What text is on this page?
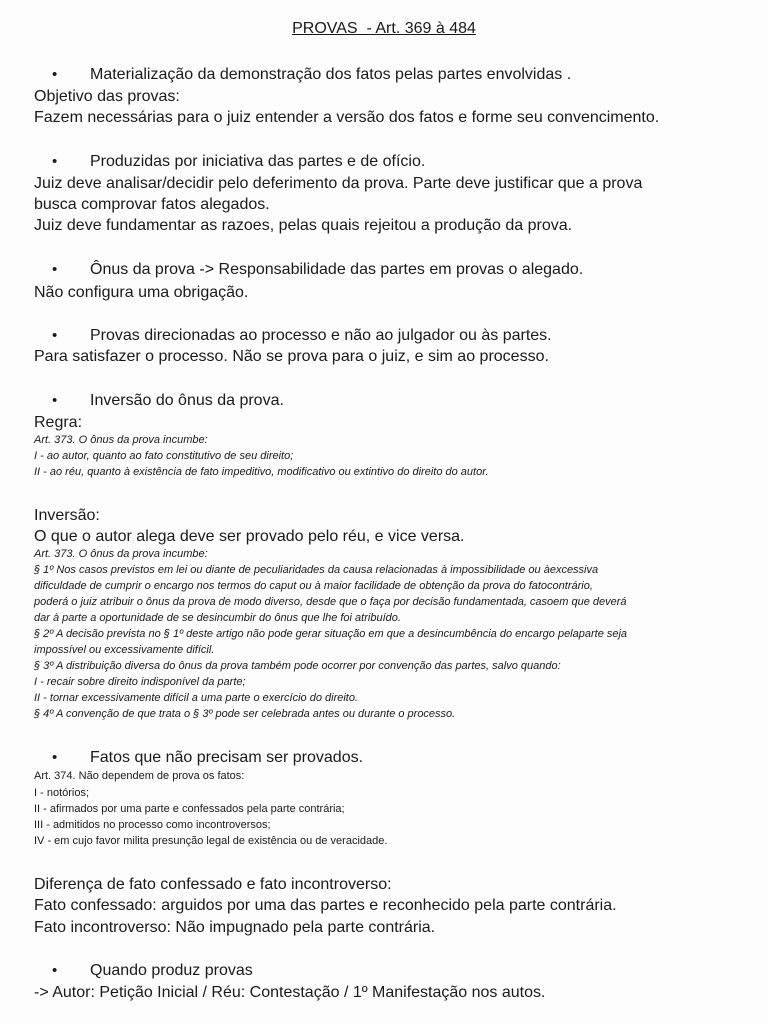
PROVAS  - Art. 369 à 484
• Materialização da demonstração dos fatos pelas partes envolvidas .
Objetivo das provas:
Fazem necessárias para o juiz entender a versão dos fatos e forme seu convencimento.
• Produzidas por iniciativa das partes e de ofício.
Juiz deve analisar/decidir pelo deferimento da prova. Parte deve justificar que a prova
busca comprovar fatos alegados.
Juiz deve fundamentar as razoes, pelas quais rejeitou a produção da prova.
• Ônus da prova -> Responsabilidade das partes em provas o alegado.
Não configura uma obrigação.
• Provas direcionadas ao processo e não ao julgador ou às partes.
Para satisfazer o processo. Não se prova para o juiz, e sim ao processo.
• Inversão do ônus da prova.
Regra:
Art. 373. O ônus da prova incumbe:
I - ao autor, quanto ao fato constitutivo de seu direito;
II - ao réu, quanto à existência de fato impeditivo, modificativo ou extintivo do direito do autor.
Inversão:
O que o autor alega deve ser provado pelo réu, e vice versa.
Art. 373. O ônus da prova incumbe:
§ 1º Nos casos previstos em lei ou diante de peculiaridades da causa relacionadas à impossibilidade ou àexcessiva
dificuldade de cumprir o encargo nos termos do caput ou à maior facilidade de obtenção da prova do fatocontrário,
poderá o juiz atribuir o ônus da prova de modo diverso, desde que o faça por decisão fundamentada, casoem que deverá
dar à parte a oportunidade de se desincumbir do ônus que lhe foi atribuído.
§ 2º A decisão prevista no § 1º deste artigo não pode gerar situação em que a desincumbência do encargo pelaparte seja
impossível ou excessivamente difícil.
§ 3º A distribuição diversa do ônus da prova também pode ocorrer por convenção das partes, salvo quando:
I - recair sobre direito indisponível da parte;
II - tornar excessivamente difícil a uma parte o exercício do direito.
§ 4º A convenção de que trata o § 3º pode ser celebrada antes ou durante o processo.
• Fatos que não precisam ser provados.
Art. 374. Não dependem de prova os fatos:
I - notórios;
II - afirmados por uma parte e confessados pela parte contrária;
III - admitidos no processo como incontroversos;
IV - em cujo favor milita presunção legal de existência ou de veracidade.
Diferença de fato confessado e fato incontroverso:
Fato confessado: arguidos por uma das partes e reconhecido pela parte contrária.
Fato incontroverso: Não impugnado pela parte contrária.
• Quando produz provas
-> Autor: Petição Inicial / Réu: Contestação / 1º Manifestação nos autos.
